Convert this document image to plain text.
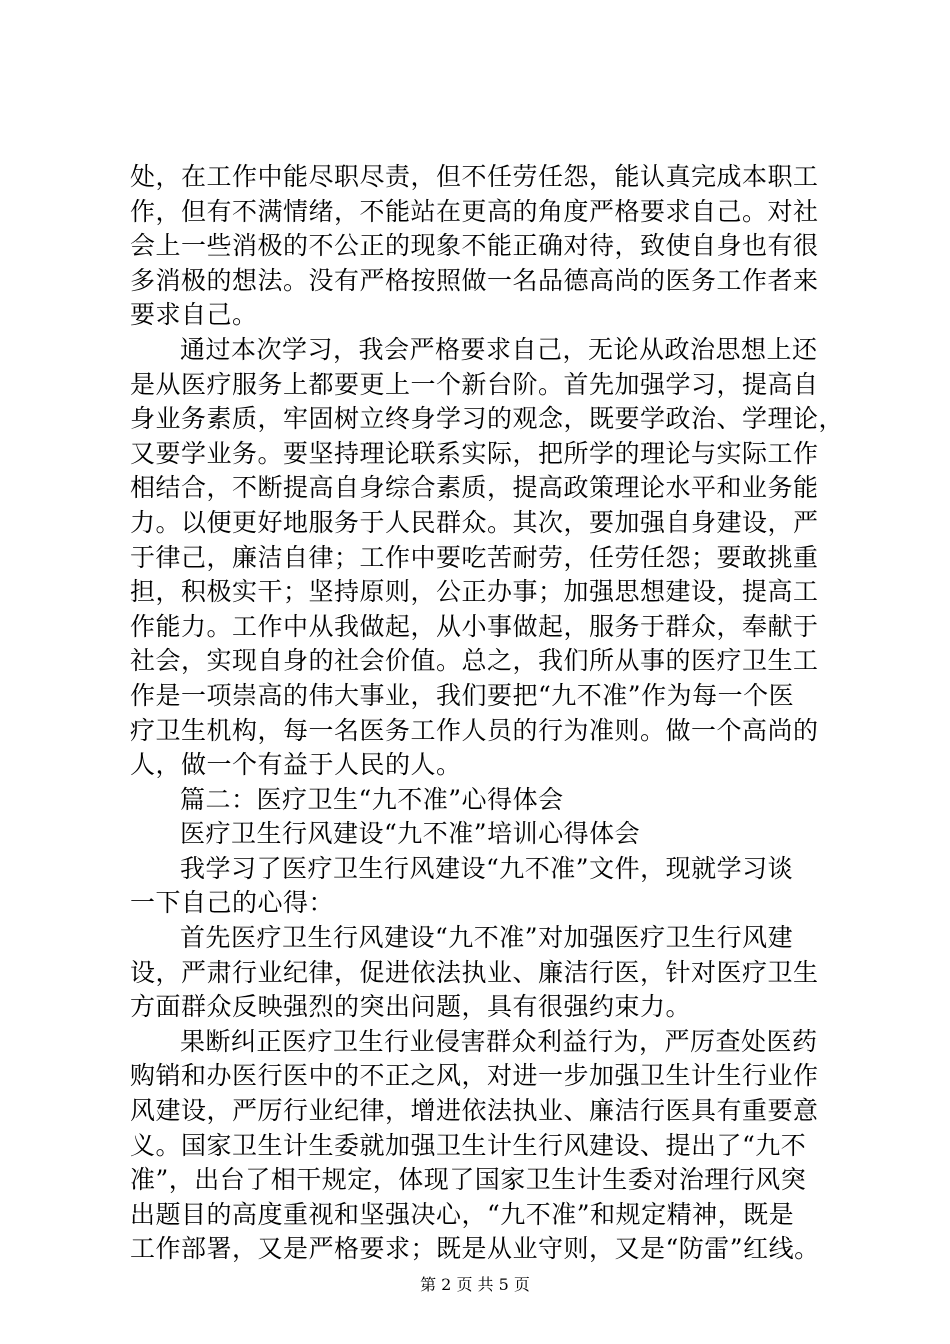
处，在工作中能尽职尽责，但不任劳任怨，能认真完成本职工
作，但有不满情绪，不能站在更高的角度严格要求自己。对社
会上一些消极的不公正的现象不能正确对待，致使自身也有很
多消极的想法。没有严格按照做一名品德高尚的医务工作者来
要求自己。
通过本次学习，我会严格要求自己，无论从政治思想上还
是从医疗服务上都要更上一个新台阶。首先加强学习，提高自
身业务素质，牢固树立终身学习的观念，既要学政治、学理论，
又要学业务。要坚持理论联系实际，把所学的理论与实际工作
相结合，不断提高自身综合素质，提高政策理论水平和业务能
力。以便更好地服务于人民群众。其次，要加强自身建设，严
于律己，廉洁自律；工作中要吃苦耐劳，任劳任怨；要敢挑重
担，积极实干；坚持原则，公正办事；加强思想建设，提高工
作能力。工作中从我做起，从小事做起，服务于群众，奉献于
社会，实现自身的社会价值。总之，我们所从事的医疗卫生工
作是一项崇高的伟大事业，我们要把“九不准”作为每一个医
疗卫生机构，每一名医务工作人员的行为准则。做一个高尚的
人，做一个有益于人民的人。
篇二：医疗卫生“九不准”心得体会
医疗卫生行风建设“九不准”培训心得体会
我学习了医疗卫生行风建设“九不准”文件，现就学习谈
一下自己的心得：
首先医疗卫生行风建设“九不准”对加强医疗卫生行风建
设，严肃行业纪律，促进依法执业、廉洁行医，针对医疗卫生
方面群众反映强烈的突出问题，具有很强约束力。
果断纠正医疗卫生行业侵害群众利益行为，严厉查处医药
购销和办医行医中的不正之风，对进一步加强卫生计生行业作
风建设，严厉行业纪律，增进依法执业、廉洁行医具有重要意
义。国家卫生计生委就加强卫生计生行风建设、提出了“九不
准”，出台了相干规定，体现了国家卫生计生委对治理行风突
出题目的高度重视和坚强决心，“九不准”和规定精神，既是
工作部署，又是严格要求；既是从业守则，又是“防雷”红线。
第 2 页 共 5 页
